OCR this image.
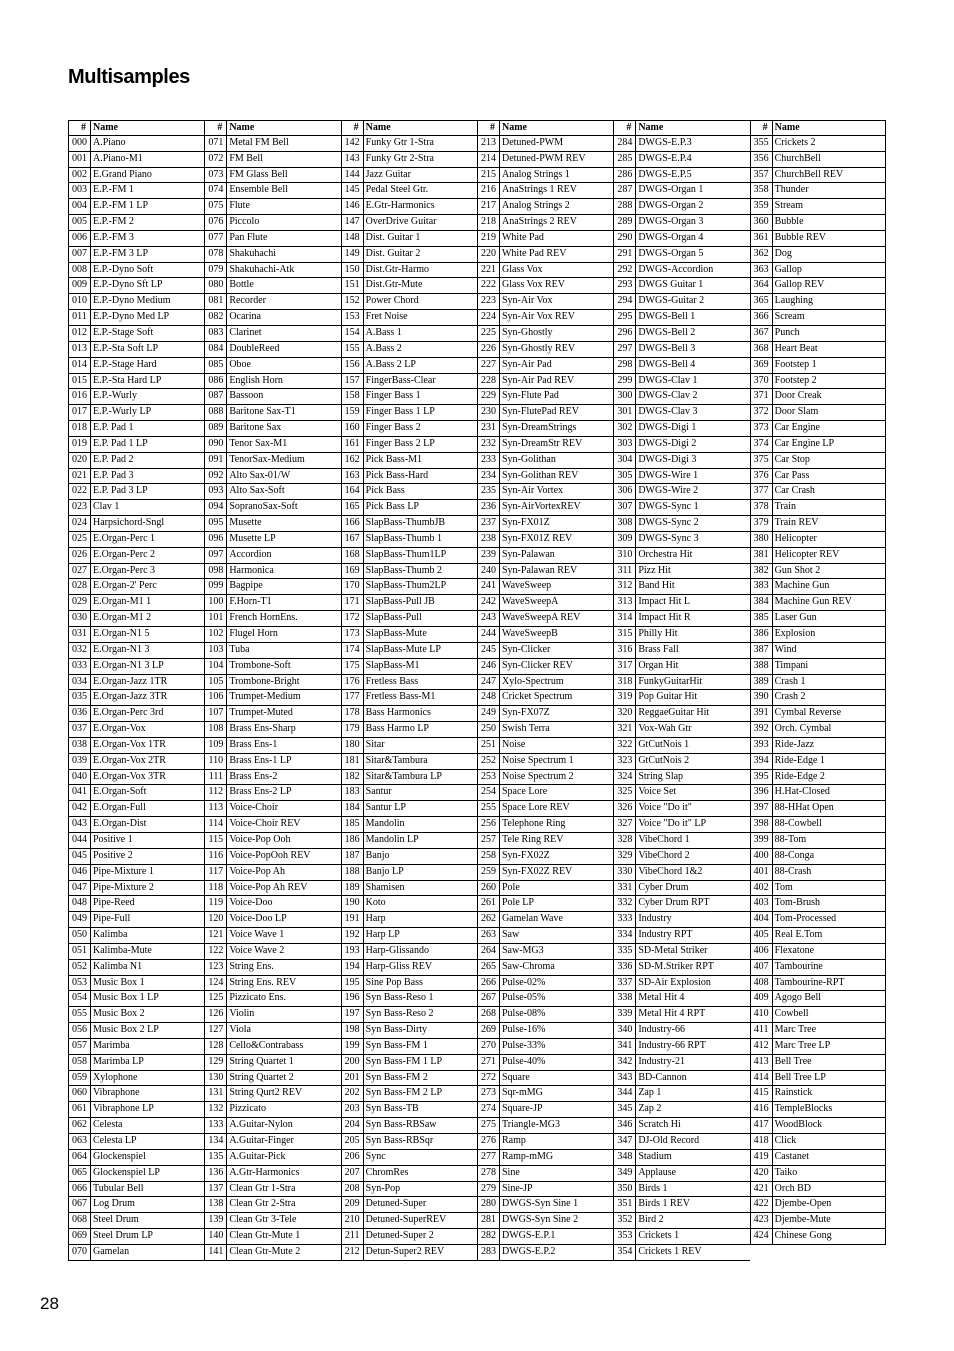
Multisamples
# Name
000 A.Piano
001 A.Piano-M1
002 E.Grand Piano
003 E.P.-FM 1
004 E.P.-FM 1 LP
005 E.P.-FM 2
006 E.P.-FM 3
007 E.P.-FM 3 LP
008 E.P.-Dyno Soft
009 E.P.-Dyno Sft LP
010 E.P.-Dyno Medium
011 E.P.-Dyno Med LP
012 E.P.-Stage Soft
013 E.P.-Sta Soft LP
014 E.P.-Stage Hard
015 E.P.-Sta Hard LP
016 E.P.-Wurly
017 E.P.-Wurly LP
018 E.P. Pad 1
019 E.P. Pad 1 LP
020 E.P. Pad 2
021 E.P. Pad 3
022 E.P. Pad 3 LP
023 Clav 1
024 Harpsichord-Sngl
025 E.Organ-Perc 1
026 E.Organ-Perc 2
027 E.Organ-Perc 3
028 E.Organ-2' Perc
029 E.Organ-M1 1
030 E.Organ-M1 2
031 E.Organ-N1 5
032 E.Organ-N1 3
033 E.Organ-N1 3 LP
034 E.Organ-Jazz 1TR
035 E.Organ-Jazz 3TR
036 E.Organ-Perc 3rd
037 E.Organ-Vox
038 E.Organ-Vox 1TR
039 E.Organ-Vox 2TR
040 E.Organ-Vox 3TR
041 E.Organ-Soft
042 E.Organ-Full
043 E.Organ-Dist
044 Positive 1
045 Positive 2
046 Pipe-Mixture 1
047 Pipe-Mixture 2
048 Pipe-Reed
049 Pipe-Full
050 Kalimba
051 Kalimba-Mute
052 Kalimba N1
053 Music Box 1
054 Music Box 1 LP
055 Music Box 2
056 Music Box 2 LP
057 Marimba
058 Marimba LP
059 Xylophone
060 Vibraphone
061 Vibraphone LP
062 Celesta
063 Celesta LP
064 Glockenspiel
065 Glockenspiel LP
066 Tubular Bell
067 Log Drum
068 Steel Drum
069 Steel Drum LP
070 Gamelan
# Name
071 Metal FM Bell
072 FM Bell
073 FM Glass Bell
074 Ensemble Bell
075 Flute
076 Piccolo
077 Pan Flute
078 Shakuhachi
079 Shakuhachi-Atk
080 Bottle
081 Recorder
082 Ocarina
083 Clarinet
084 DoubleReed
085 Oboe
086 English Horn
087 Bassoon
088 Baritone Sax-T1
089 Baritone Sax
090 Tenor Sax-M1
091 TenorSax-Medium
092 Alto Sax-01/W
093 Alto Sax-Soft
094 SopranoSax-Soft
095 Musette
096 Musette LP
097 Accordion
098 Harmonica
099 Bagpipe
100 F.Horn-T1
101 French HornEns.
102 Flugel Horn
103 Tuba
104 Trombone-Soft
105 Trombone-Bright
106 Trumpet-Medium
107 Trumpet-Muted
108 Brass Ens-Sharp
109 Brass Ens-1
110 Brass Ens-1 LP
111 Brass Ens-2
112 Brass Ens-2 LP
113 Voice-Choir
114 Voice-Choir REV
115 Voice-Pop Ooh
116 Voice-PopOoh REV
117 Voice-Pop Ah
118 Voice-Pop Ah REV
119 Voice-Doo
120 Voice-Doo LP
121 Voice Wave 1
122 Voice Wave 2
123 String Ens.
124 String Ens. REV
125 Pizzicato Ens.
126 Violin
127 Viola
128 Cello&Contrabass
129 String Quartet 1
130 String Quartet 2
131 String Qurt2 REV
132 Pizzicato
133 A.Guitar-Nylon
134 A.Guitar-Finger
135 A.Guitar-Pick
136 A.Gtr-Harmonics
137 Clean Gtr 1-Stra
138 Clean Gtr 2-Stra
139 Clean Gtr 3-Tele
140 Clean Gtr-Mute 1
141 Clean Gtr-Mute 2
# Name
142 Funky Gtr 1-Stra
143 Funky Gtr 2-Stra
144 Jazz Guitar
145 Pedal Steel Gtr.
146 E.Gtr-Harmonics
147 OverDrive Guitar
148 Dist. Guitar 1
149 Dist. Guitar 2
150 Dist.Gtr-Harmo
151 Dist.Gtr-Mute
152 Power Chord
153 Fret Noise
154 A.Bass 1
155 A.Bass 2
156 A.Bass 2 LP
157 FingerBass-Clear
158 Finger Bass 1
159 Finger Bass 1 LP
160 Finger Bass 2
161 Finger Bass 2 LP
162 Pick Bass-M1
163 Pick Bass-Hard
164 Pick Bass
165 Pick Bass LP
166 SlapBass-ThumbJB
167 SlapBass-Thumb 1
168 SlapBass-Thum1LP
169 SlapBass-Thumb 2
170 SlapBass-Thum2LP
171 SlapBass-Pull JB
172 SlapBass-Pull
173 SlapBass-Mute
174 SlapBass-Mute LP
175 SlapBass-M1
176 Fretless Bass
177 Fretless Bass-M1
178 Bass Harmonics
179 Bass Harmo LP
180 Sitar
181 Sitar&Tambura
182 Sitar&Tambura LP
183 Santur
184 Santur LP
185 Mandolin
186 Mandolin LP
187 Banjo
188 Banjo LP
189 Shamisen
190 Koto
191 Harp
192 Harp LP
193 Harp-Glissando
194 Harp-Gliss REV
195 Sine Pop Bass
196 Syn Bass-Reso 1
197 Syn Bass-Reso 2
198 Syn Bass-Dirty
199 Syn Bass-FM 1
200 Syn Bass-FM 1 LP
201 Syn Bass-FM 2
202 Syn Bass-FM 2 LP
203 Syn Bass-TB
204 Syn Bass-RBSaw
205 Syn Bass-RBSqr
206 Sync
207 ChromRes
208 Syn-Pop
209 Detuned-Super
210 Detuned-SuperREV
211 Detuned-Super 2
212 Detun-Super2 REV
# Name
213 Detuned-PWM
214 Detuned-PWM REV
215 Analog Strings 1
216 AnaStrings 1 REV
217 Analog Strings 2
218 AnaStrings 2 REV
219 White Pad
220 White Pad REV
221 Glass Vox
222 Glass Vox REV
223 Syn-Air Vox
224 Syn-Air Vox REV
225 Syn-Ghostly
226 Syn-Ghostly REV
227 Syn-Air Pad
228 Syn-Air Pad REV
229 Syn-Flute Pad
230 Syn-FlutePad REV
231 Syn-DreamStrings
232 Syn-DreamStr REV
233 Syn-Golithan
234 Syn-Golithan REV
235 Syn-Air Vortex
236 Syn-AirVortexREV
237 Syn-FX01Z
238 Syn-FX01Z REV
239 Syn-Palawan
240 Syn-Palawan REV
241 WaveSweep
242 WaveSweepA
243 WaveSweepA REV
244 WaveSweepB
245 Syn-Clicker
246 Syn-Clicker REV
247 Xylo-Spectrum
248 Cricket Spectrum
249 Syn-FX07Z
250 Swish Terra
251 Noise
252 Noise Spectrum 1
253 Noise Spectrum 2
254 Space Lore
255 Space Lore REV
256 Telephone Ring
257 Tele Ring REV
258 Syn-FX02Z
259 Syn-FX02Z REV
260 Pole
261 Pole LP
262 Gamelan Wave
263 Saw
264 Saw-MG3
265 Saw-Chroma
266 Pulse-02%
267 Pulse-05%
268 Pulse-08%
269 Pulse-16%
270 Pulse-33%
271 Pulse-40%
272 Square
273 Sqr-mMG
274 Square-JP
275 Triangle-MG3
276 Ramp
277 Ramp-mMG
278 Sine
279 Sine-JP
280 DWGS-Syn Sine 1
281 DWGS-Syn Sine 2
282 DWGS-E.P.1
283 DWGS-E.P.2
# Name
284 DWGS-E.P.3
285 DWGS-E.P.4
286 DWGS-E.P.5
287 DWGS-Organ 1
288 DWGS-Organ 2
289 DWGS-Organ 3
290 DWGS-Organ 4
291 DWGS-Organ 5
292 DWGS-Accordion
293 DWGS Guitar 1
294 DWGS-Guitar 2
295 DWGS-Bell 1
296 DWGS-Bell 2
297 DWGS-Bell 3
298 DWGS-Bell 4
299 DWGS-Clav 1
300 DWGS-Clav 2
301 DWGS-Clav 3
302 DWGS-Digi 1
303 DWGS-Digi 2
304 DWGS-Digi 3
305 DWGS-Wire 1
306 DWGS-Wire 2
307 DWGS-Sync 1
308 DWGS-Sync 2
309 DWGS-Sync 3
310 Orchestra Hit
311 Pizz Hit
312 Band Hit
313 Impact Hit L
314 Impact Hit R
315 Philly Hit
316 Brass Fall
317 Organ Hit
318 FunkyGuitarHit
319 Pop Guitar Hit
320 ReggaeGuitar Hit
321 Vox-Wah Gtr
322 GtCutNois 1
323 GtCutNois 2
324 String Slap
325 Voice Set
326 Voice "Do it"
327 Voice "Do it" LP
328 VibeChord 1
329 VibeChord 2
330 VibeChord 1&2
331 Cyber Drum
332 Cyber Drum RPT
333 Industry
334 Industry RPT
335 SD-Metal Striker
336 SD-M.Striker RPT
337 SD-Air Explosion
338 Metal Hit 4
339 Metal Hit 4 RPT
340 Industry-66
341 Industry-66 RPT
342 Industry-21
343 BD-Cannon
344 Zap 1
345 Zap 2
346 Scratch Hi
347 DJ-Old Record
348 Stadium
349 Applause
350 Birds 1
351 Birds 1 REV
352 Bird 2
353 Crickets 1
354 Crickets 1 REV
# Name
355 Crickets 2
356 ChurchBell
357 ChurchBell REV
358 Thunder
359 Stream
360 Bubble
361 Bubble REV
362 Dog
363 Gallop
364 Gallop REV
365 Laughing
366 Scream
367 Punch
368 Heart Beat
369 Footstep 1
370 Footstep 2
371 Door Creak
372 Door Slam
373 Car Engine
374 Car Engine LP
375 Car Stop
376 Car Pass
377 Car Crash
378 Train
379 Train REV
380 Helicopter
381 Helicopter REV
382 Gun Shot 2
383 Machine Gun
384 Machine Gun REV
385 Laser Gun
386 Explosion
387 Wind
388 Timpani
389 Crash 1
390 Crash 2
391 Cymbal Reverse
392 Orch. Cymbal
393 Ride-Jazz
394 Ride-Edge 1
395 Ride-Edge 2
396 H.Hat-Closed
397 88-HHat Open
398 88-Cowbell
399 88-Tom
400 88-Conga
401 88-Crash
402 Tom
403 Tom-Brush
404 Tom-Processed
405 Real E.Tom
406 Flexatone
407 Tambourine
408 Tambourine-RPT
409 Agogo Bell
410 Cowbell
411 Marc Tree
412 Marc Tree LP
413 Bell Tree
414 Bell Tree LP
415 Rainstick
416 TempleBlocks
417 WoodBlock
418 Click
419 Castanet
420 Taiko
421 Orch BD
422 Djembe-Open
423 Djembe-Mute
424 Chinese Gong
28
